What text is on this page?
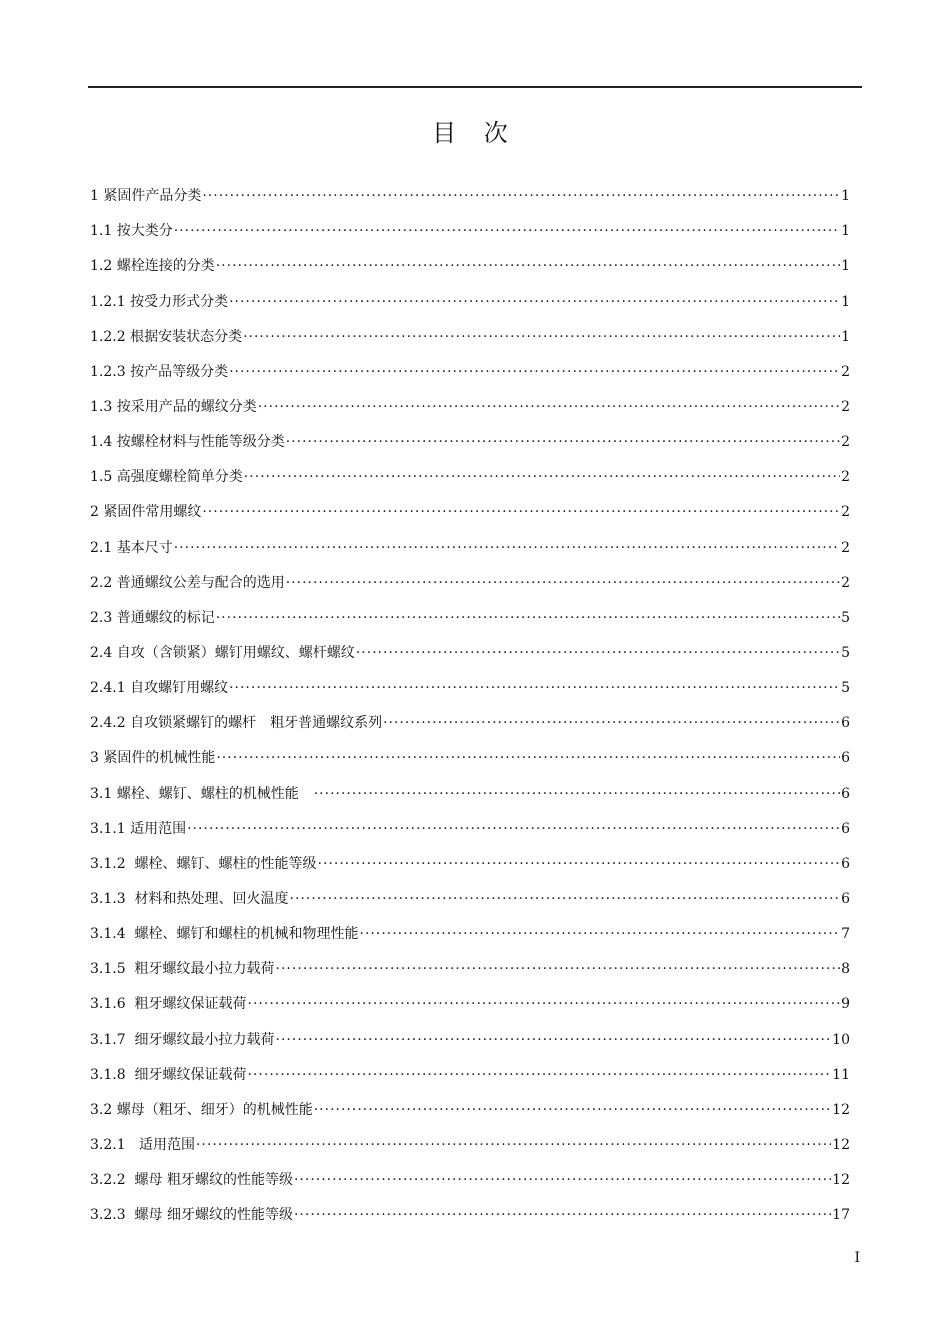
目 次
1 紧固件产品分类 ·····	1
1.1 按大类分 ·····	1
1.2 螺栓连接的分类 ·····	1
1.2.1 按受力形式分类 ·····	1
1.2.2 根据安装状态分类 ·····	1
1.2.3 按产品等级分类 ·····	2
1.3 按采用产品的螺纹分类 ·····	2
1.4 按螺栓材料与性能等级分类 ·····	2
1.5 高强度螺栓简单分类 ·····	2
2 紧固件常用螺纹 ·····	2
2.1 基本尺寸 ·····	2
2.2 普通螺纹公差与配合的选用 ·····	2
2.3 普通螺纹的标记 ·····	5
2.4 自攻（含锁紧）螺钉用螺纹、螺杆螺纹 ·····	5
2.4.1 自攻螺钉用螺纹 ·····	5
2.4.2 自攻锁紧螺钉的螺杆　粗牙普通螺纹系列 ·····	6
3 紧固件的机械性能 ·····	6
3.1 螺栓、螺钉、螺柱的机械性能　 ·····	6
3.1.1 适用范围 ·····	6
3.1.2  螺栓、螺钉、螺柱的性能等级 ·····	6
3.1.3  材料和热处理、回火温度 ·····	6
3.1.4  螺栓、螺钉和螺柱的机械和物理性能 ·····	7
3.1.5  粗牙螺纹最小拉力载荷 ·····	8
3.1.6  粗牙螺纹保证载荷 ·····	9
3.1.7  细牙螺纹最小拉力载荷 ·····	10
3.1.8  细牙螺纹保证载荷 ·····	11
3.2 螺母（粗牙、细牙）的机械性能 ·····	12
3.2.1   适用范围 ·····	12
3.2.2  螺母 粗牙螺纹的性能等级 ·····	12
3.2.3  螺母 细牙螺纹的性能等级 ·····	17
I
